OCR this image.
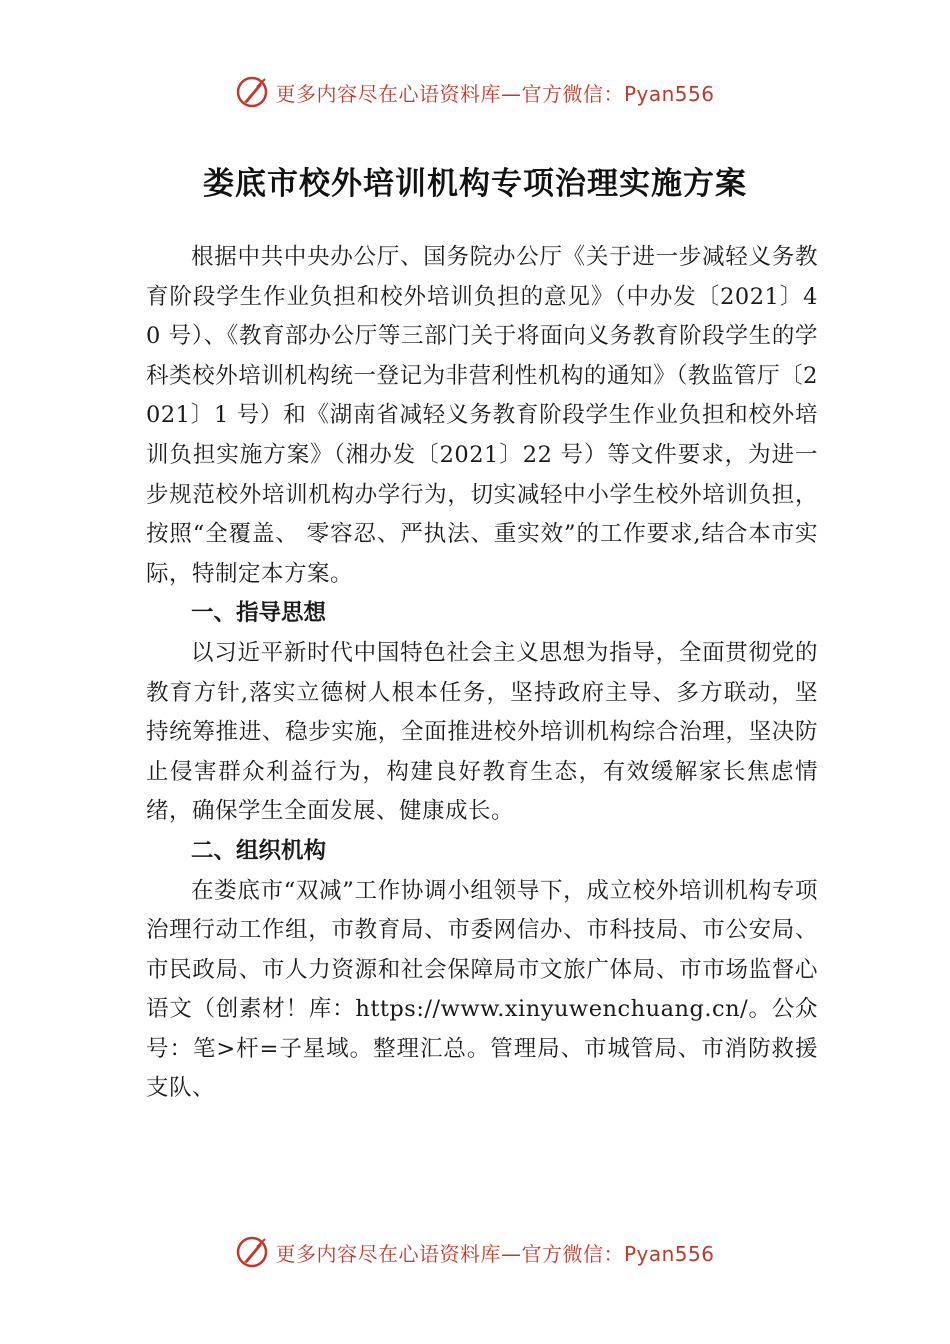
更多内容尽在心语资料库—官方微信：Pyan556
娄底市校外培训机构专项治理实施方案

根据中共中央办公厅、国务院办公厅《关于进一步减轻义务教育阶段学生作业负担和校外培训负担的意见》（中办发〔2021〕40 号）、《教育部办公厅等三部门关于将面向义务教育阶段学生的学科类校外培训机构统一登记为非营利性机构的通知》（教监管厅〔2021〕1 号）和《湖南省减轻义务教育阶段学生作业负担和校外培训负担实施方案》（湘办发〔2021〕22 号）等文件要求，为进一步规范校外培训机构办学行为，切实减轻中小学生校外培训负担，按照“全覆盖、 零容忍、严执法、重实效”的工作要求,结合本市实际，特制定本方案。

一、指导思想

以习近平新时代中国特色社会主义思想为指导，全面贯彻党的教育方针,落实立德树人根本任务，坚持政府主导、多方联动，坚持统筹推进、稳步实施，全面推进校外培训机构综合治理，坚决防止侵害群众利益行为，构建良好教育生态，有效缓解家长焦虑情绪，确保学生全面发展、健康成长。

二、组织机构

在娄底市“双减”工作协调小组领导下，成立校外培训机构专项治理行动工作组，市教育局、市委网信办、市科技局、市公安局、市民政局、市人力资源和社会保障局市文旅广体局、市市场监督心语文（创素材！库：https://www.xinyuwenchuang.cn/。公众号：笔>杆=子星域。整理汇总。管理局、市城管局、市消防救援支队、

更多内容尽在心语资料库—官方微信：Pyan556
